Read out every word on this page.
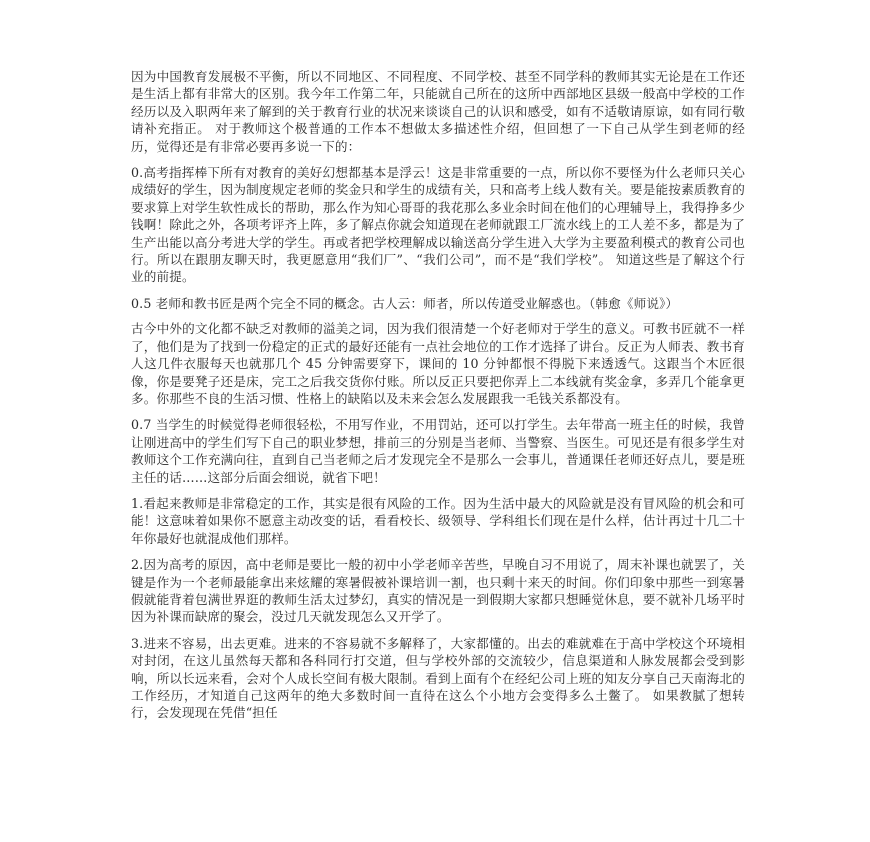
因为中国教育发展极不平衡，所以不同地区、不同程度、不同学校、甚至不同学科的教师其实无论是在工作还是生活上都有非常大的区别。我今年工作第二年，只能就自己所在的这所中西部地区县级一般高中学校的工作经历以及入职两年来了解到的关于教育行业的状况来谈谈自己的认识和感受，如有不适敬请原谅，如有同行敬请补充指正。 对于教师这个极普通的工作本不想做太多描述性介绍，但回想了一下自己从学生到老师的经历，觉得还是有非常必要再多说一下的：

0.高考指挥棒下所有对教育的美好幻想都基本是浮云！这是非常重要的一点，所以你不要怪为什么老师只关心成绩好的学生，因为制度规定老师的奖金只和学生的成绩有关，只和高考上线人数有关。要是能按素质教育的要求算上对学生软性成长的帮助，那么作为知心哥哥的我花那么多业余时间在他们的心理辅导上，我得挣多少钱啊！除此之外，各项考评齐上阵，多了解点你就会知道现在老师就跟工厂流水线上的工人差不多，都是为了生产出能以高分考进大学的学生。再或者把学校理解成以输送高分学生进入大学为主要盈利模式的教育公司也行。所以在跟朋友聊天时，我更愿意用“我们厂”、“我们公司”，而不是“我们学校”。 知道这些是了解这个行业的前提。

0.5 老师和教书匠是两个完全不同的概念。古人云：师者，所以传道受业解惑也。（韩愈《师说》）

古今中外的文化都不缺乏对教师的溢美之词，因为我们很清楚一个好老师对于学生的意义。可教书匠就不一样了，他们是为了找到一份稳定的正式的最好还能有一点社会地位的工作才选择了讲台。反正为人师表、教书育人这几件衣服每天也就那几个 45 分钟需要穿下，课间的 10 分钟都恨不得脱下来透透气。这跟当个木匠很像，你是要凳子还是床，完工之后我交货你付账。所以反正只要把你弄上二本线就有奖金拿，多弄几个能拿更多。你那些不良的生活习惯、性格上的缺陷以及未来会怎么发展跟我一毛钱关系都没有。

0.7 当学生的时候觉得老师很轻松，不用写作业，不用罚站，还可以打学生。去年带高一班主任的时候，我曾让刚进高中的学生们写下自己的职业梦想，排前三的分别是当老师、当警察、当医生。可见还是有很多学生对教师这个工作充满向往，直到自己当老师之后才发现完全不是那么一会事儿，普通课任老师还好点儿，要是班主任的话……这部分后面会细说，就省下吧！

1.看起来教师是非常稳定的工作，其实是很有风险的工作。因为生活中最大的风险就是没有冒风险的机会和可能！这意味着如果你不愿意主动改变的话，看看校长、级领导、学科组长们现在是什么样，估计再过十几二十年你最好也就混成他们那样。

2.因为高考的原因，高中老师是要比一般的初中小学老师辛苦些，早晚自习不用说了，周末补课也就罢了，关键是作为一个老师最能拿出来炫耀的寒暑假被补课培训一割，也只剩十来天的时间。你们印象中那些一到寒暑假就能背着包满世界逛的教师生活太过梦幻，真实的情况是一到假期大家都只想睡觉休息，要不就补几场平时因为补课而缺席的聚会，没过几天就发现怎么又开学了。

3.进来不容易，出去更难。进来的不容易就不多解释了，大家都懂的。出去的难就难在于高中学校这个环境相对封闭，在这儿虽然每天都和各科同行打交道，但与学校外部的交流较少，信息渠道和人脉发展都会受到影响，所以长远来看，会对个人成长空间有极大限制。看到上面有个在经纪公司上班的知友分享自己天南海北的工作经历，才知道自己这两年的绝大多数时间一直待在这么个小地方会变得多么土鳖了。 如果教腻了想转行，会发现现在凭借“担任
